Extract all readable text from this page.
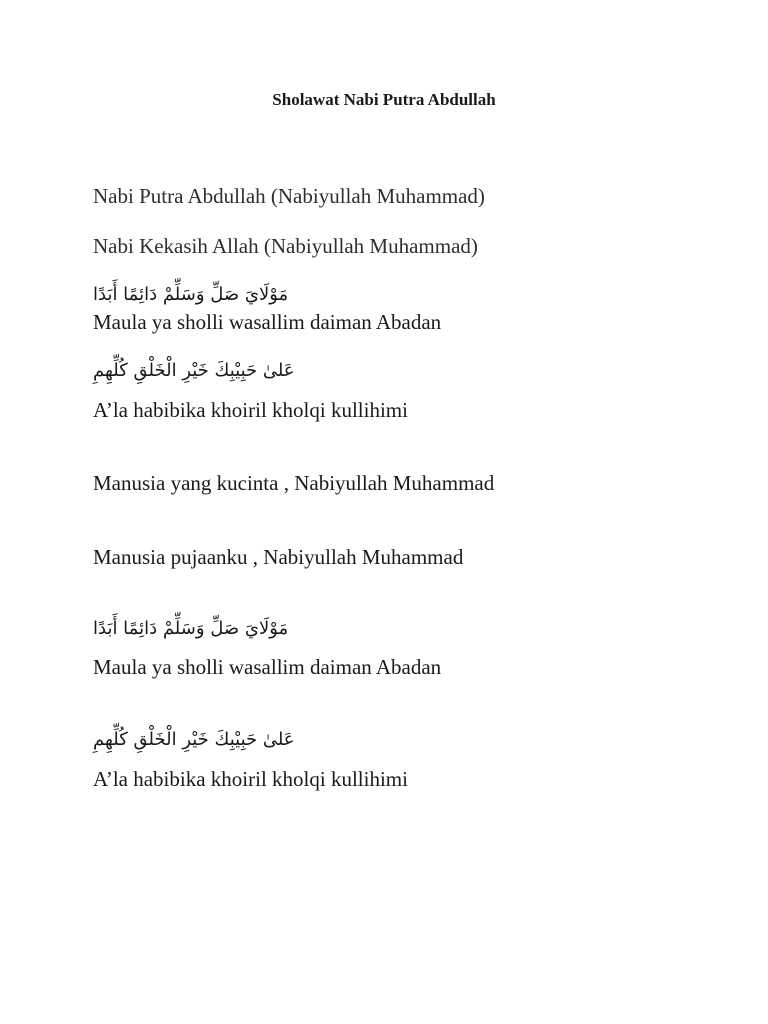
Sholawat Nabi Putra Abdullah

Nabi Putra Abdullah (Nabiyullah Muhammad)

Nabi Kekasih Allah (Nabiyullah Muhammad)

مَوْلَايَ صَلِّ وَسَلِّمْ دَائِمًا أَبَدًا

Maula ya sholli wasallim daiman Abadan

عَلىٰ حَبِيْبِكَ خَيْرِ الْخَلْقِ كُلِّهِمِ

A’la habibika khoiril kholqi kullihimi

Manusia yang kucinta , Nabiyullah Muhammad

Manusia pujaanku , Nabiyullah Muhammad

مَوْلَايَ صَلِّ وَسَلِّمْ دَائِمًا أَبَدًا

Maula ya sholli wasallim daiman Abadan

عَلىٰ حَبِيْبِكَ خَيْرِ الْخَلْقِ كُلِّهِمِ

A’la habibika khoiril kholqi kullihimi
